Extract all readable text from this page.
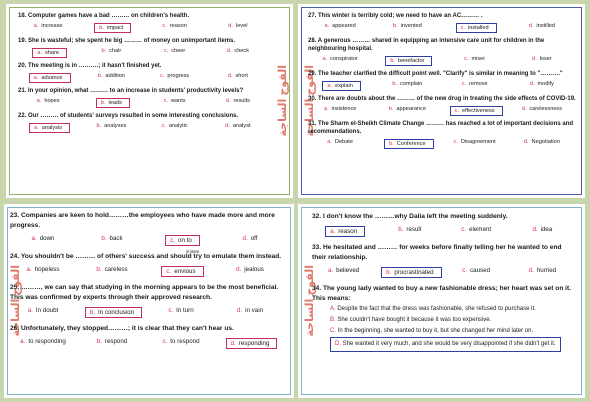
الفوج الساجة

18. Computer games have a bad ……… on children's health.

a. increase	b. impact	c. reason	d. level

19. She is wasteful; she spent he big ……… of money on unimportant items.

a. share	b. chair	c. cheer	d. check

20. The meeting is in ……….; it hasn't finished yet.

a. advance	b. addition	c. progress	d. short

21. In your opinion, what ……… to an increase in students' productivity levels?

a. hopes	b. leads	c. wants	d. results

22. Our ……… of students' surveys resulted in some interesting conclusions.

a. analysis	b. analyses	c. analytic	d. analyst	الفوج الساجة

27. This winter is terribly cold; we need to have an AC……… .

a. appeared	b. invented	c. installed	d. instilled

28. A generous ……… shared in equipping an intensive care unit for children in the neighbouring hospital.

a. conspirator	b. benefactor	c. miser	d. loser

29. The teacher clarified the difficult point well. "Clarify" is similar in meaning to "………."

a. explain	b. complain	c. remove	d. modify

30. There are doubts about the ……… of the new drug in treating the side effects of COVID-19.

a. insistence	b. appearance	c. effectiveness	d. carelessness

31. The Sharm el-Sheikh Climate Change ……… has reached a lot of important decisions and recommendations.

a. Debate	b. Conference	c. Disagreement	d. Negotiation
الفوج الساجة

23. Companies are keen to hold………the employees who have made more and more progress.

a. down	b. back	c. on to	d. off

24. You shouldn't be ……… of others' success and should try to emulate them instead.

a. hopeless	b. careless	c. envious	d. jealous

25. ………, we can say that studying in the morning appears to be the most beneficial. This was confirmed by experts through their approved research.

a. In doubt	b. In conclusion	c. In turn	d. in vain

26. Unfortunately, they stopped………; it is clear that they can't hear us.

a. to responding	b. respond	c. to respond	d. responding
imitate
الفوج الساجة

32. I don't know the ………why Dalia left the meeting suddenly.

a. reason	b. result	c. element	d. idea

33. He hesitated and ……… for weeks before finally telling her he wanted to end their relationship.

a. believed	b. procrastinated	c. caused	d. hurried

34. The young lady wanted to buy a new fashionable dress; her heart was set on it. This means:

A. Despite the fact that the dress was fashionable, she refused to purchase it.
B. She couldn't have bought it because it was too expensive.
C. In the beginning, she wanted to buy it, but she changed her mind later on.
D. She wanted it very much, and she would be very disappointed if she didn't get it.
